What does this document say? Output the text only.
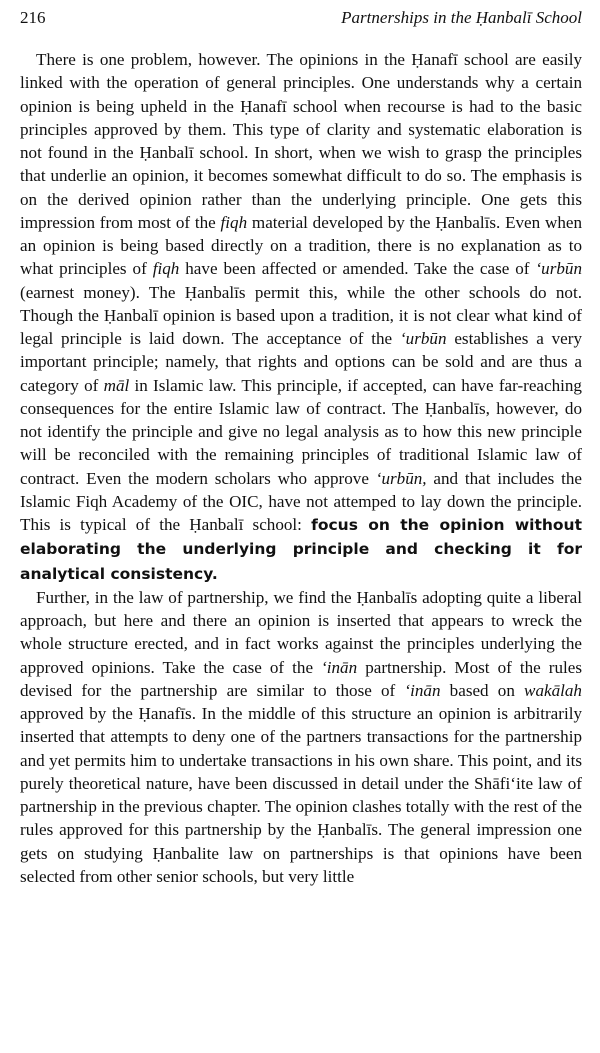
216	Partnerships in the Ḥanbalī School

There is one problem, however. The opinions in the Ḥanafī school are easily linked with the operation of general principles. One understands why a certain opinion is being upheld in the Ḥanafī school when recourse is had to the basic principles approved by them. This type of clarity and systematic elaboration is not found in the Ḥanbalī school. In short, when we wish to grasp the principles that underlie an opinion, it becomes somewhat difficult to do so. The emphasis is on the derived opinion rather than the underlying principle. One gets this impression from most of the fiqh material developed by the Ḥanbalīs. Even when an opinion is being based directly on a tradition, there is no explanation as to what principles of fiqh have been affected or amended. Take the case of ‘urbūn (earnest money). The Ḥanbalīs permit this, while the other schools do not. Though the Ḥanbalī opinion is based upon a tradition, it is not clear what kind of legal principle is laid down. The acceptance of the ‘urbūn establishes a very important principle; namely, that rights and options can be sold and are thus a category of māl in Islamic law. This principle, if accepted, can have far-reaching consequences for the entire Islamic law of contract. The Ḥanbalīs, however, do not identify the principle and give no legal analysis as to how this new principle will be reconciled with the remaining principles of traditional Islamic law of contract. Even the modern scholars who approve ‘urbūn, and that includes the Islamic Fiqh Academy of the OIC, have not attemped to lay down the principle. This is typical of the Ḥanbalī school: focus on the opinion without elaborating the underlying principle and checking it for analytical consistency.

Further, in the law of partnership, we find the Ḥanbalīs adopting quite a liberal approach, but here and there an opinion is inserted that appears to wreck the whole structure erected, and in fact works against the principles underlying the approved opinions. Take the case of the ‘inān partnership. Most of the rules devised for the partnership are similar to those of ‘inān based on wakālah approved by the Ḥanafīs. In the middle of this structure an opinion is arbitrarily inserted that attempts to deny one of the partners transactions for the partnership and yet permits him to undertake transactions in his own share. This point, and its purely theoretical nature, have been discussed in detail under the Shāfi‘ite law of partnership in the previous chapter. The opinion clashes totally with the rest of the rules approved for this partnership by the Ḥanbalīs. The general impression one gets on studying Ḥanbalite law on partnerships is that opinions have been selected from other senior schools, but very little
